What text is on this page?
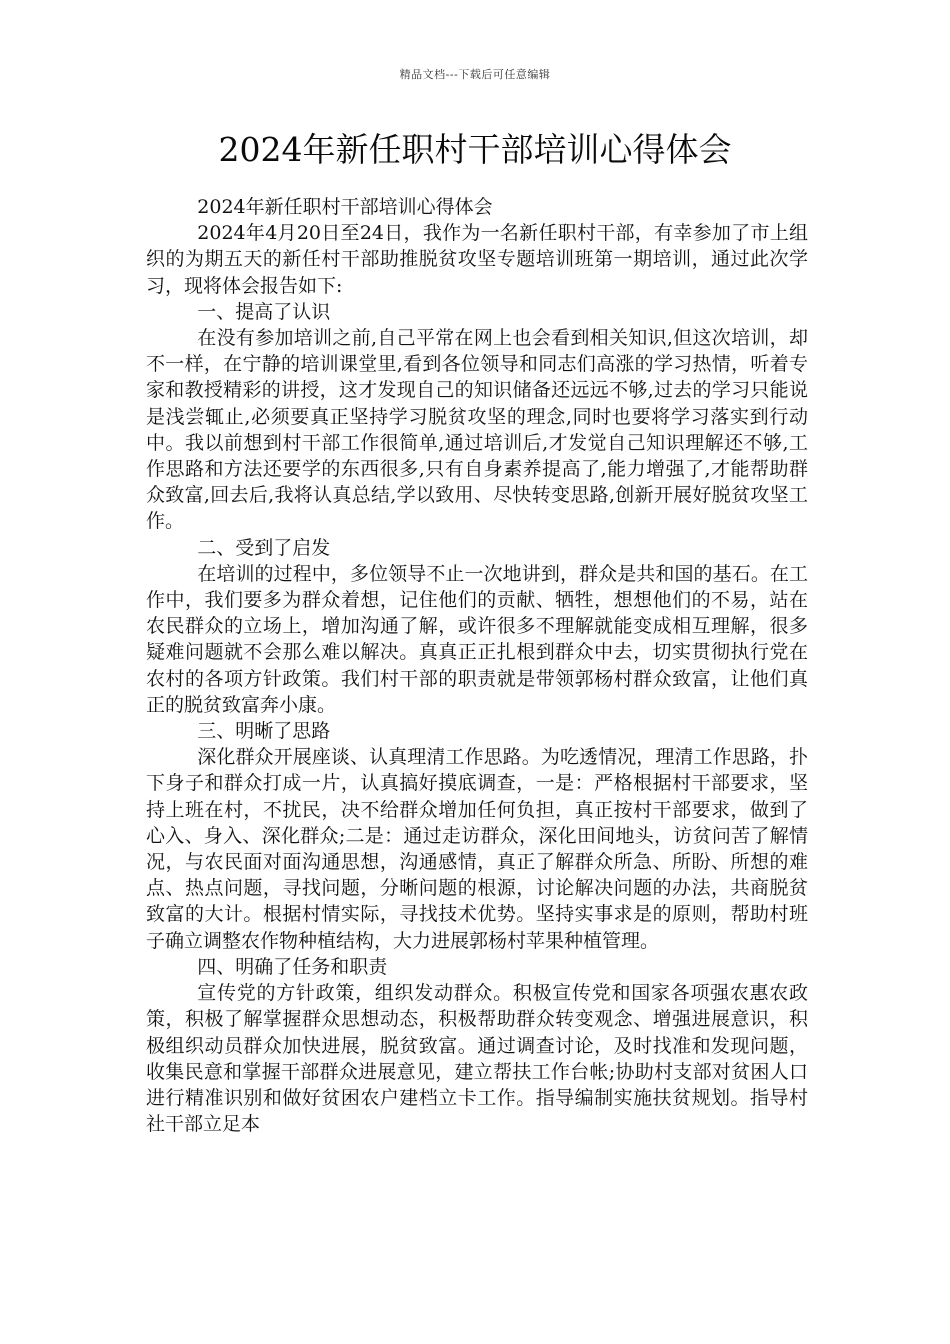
精品文档---下载后可任意编辑
2024年新任职村干部培训心得体会

2024年新任职村干部培训心得体会

2024年4月20日至24日，我作为一名新任职村干部，有幸参加了市上组织的为期五天的新任村干部助推脱贫攻坚专题培训班第一期培训，通过此次学习，现将体会报告如下:

一、提高了认识

在没有参加培训之前,自己平常在网上也会看到相关知识,但这次培训，却不一样，在宁静的培训课堂里,看到各位领导和同志们高涨的学习热情，听着专家和教授精彩的讲授，这才发现自己的知识储备还远远不够,过去的学习只能说是浅尝辄止,必须要真正坚持学习脱贫攻坚的理念,同时也要将学习落实到行动中。我以前想到村干部工作很简单,通过培训后,才发觉自己知识理解还不够,工作思路和方法还要学的东西很多,只有自身素养提高了,能力增强了,才能帮助群众致富,回去后,我将认真总结,学以致用、尽快转变思路,创新开展好脱贫攻坚工作。

二、受到了启发

在培训的过程中，多位领导不止一次地讲到，群众是共和国的基石。在工作中，我们要多为群众着想，记住他们的贡献、牺牲，想想他们的不易，站在农民群众的立场上，增加沟通了解，或许很多不理解就能变成相互理解，很多疑难问题就不会那么难以解决。真真正正扎根到群众中去，切实贯彻执行党在农村的各项方针政策。我们村干部的职责就是带领郭杨村群众致富，让他们真正的脱贫致富奔小康。

三、明晰了思路

深化群众开展座谈、认真理清工作思路。为吃透情况，理清工作思路，扑下身子和群众打成一片，认真搞好摸底调查，一是：严格根据村干部要求，坚持上班在村，不扰民，决不给群众增加任何负担，真正按村干部要求，做到了心入、身入、深化群众;二是：通过走访群众，深化田间地头，访贫问苦了解情况，与农民面对面沟通思想，沟通感情，真正了解群众所急、所盼、所想的难点、热点问题，寻找问题，分晰问题的根源，讨论解决问题的办法，共商脱贫致富的大计。根据村情实际，寻找技术优势。坚持实事求是的原则，帮助村班子确立调整农作物种植结构，大力进展郭杨村苹果种植管理。

四、明确了任务和职责

宣传党的方针政策，组织发动群众。积极宣传党和国家各项强农惠农政策，积极了解掌握群众思想动态，积极帮助群众转变观念、增强进展意识，积极组织动员群众加快进展，脱贫致富。通过调查讨论，及时找准和发现问题，收集民意和掌握干部群众进展意见，建立帮扶工作台帐;协助村支部对贫困人口进行精准识别和做好贫困农户建档立卡工作。指导编制实施扶贫规划。指导村社干部立足本
